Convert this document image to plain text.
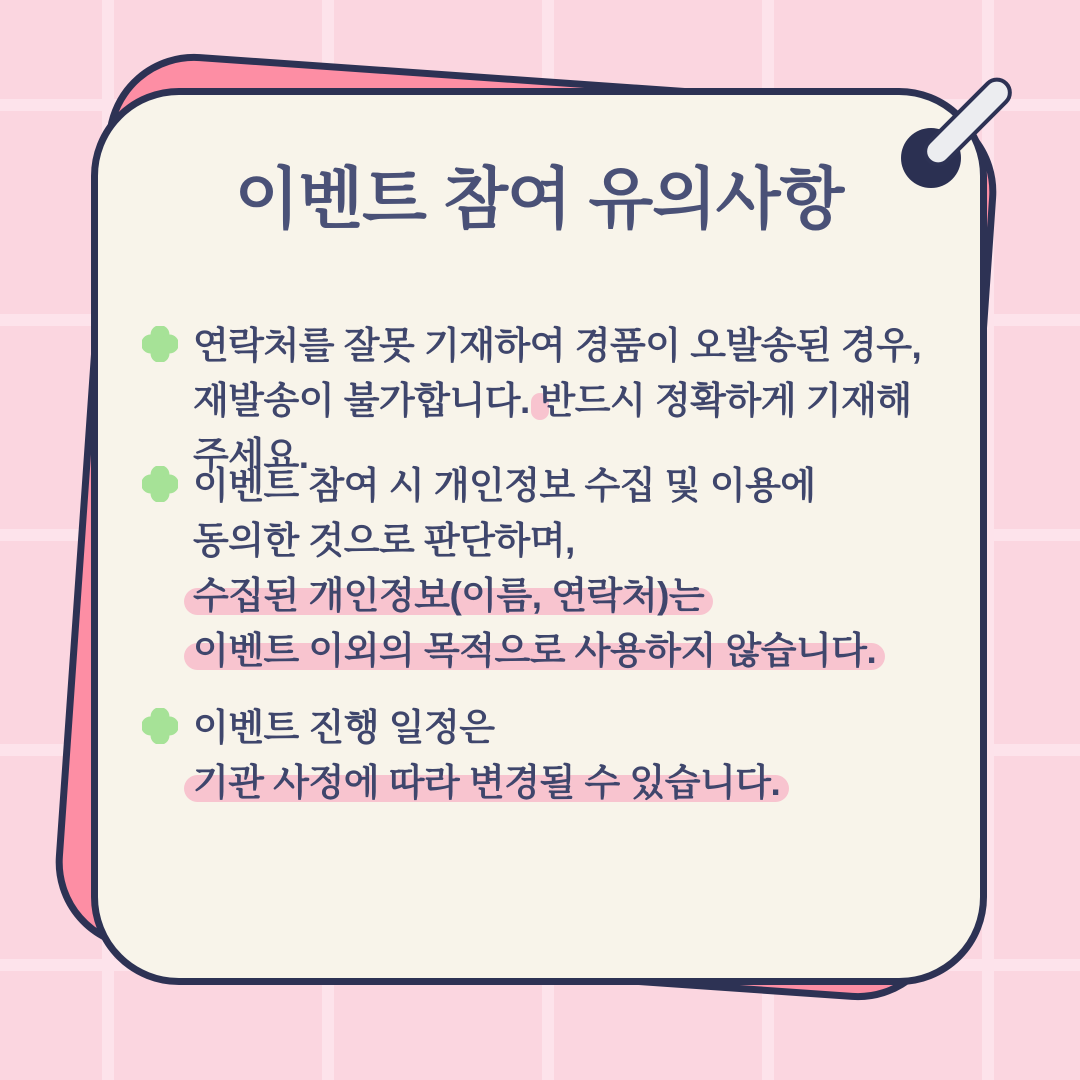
이벤트 참여 유의사항
연락처를 잘못 기재하여 경품이 오발송된 경우,
재발송이 불가합니다. 반드시 정확하게 기재해 주세요.
이벤트 참여 시 개인정보 수집 및 이용에
동의한 것으로 판단하며,
수집된 개인정보(이름, 연락처)는
이벤트 이외의 목적으로 사용하지 않습니다.
이벤트 진행 일정은
기관 사정에 따라 변경될 수 있습니다.
